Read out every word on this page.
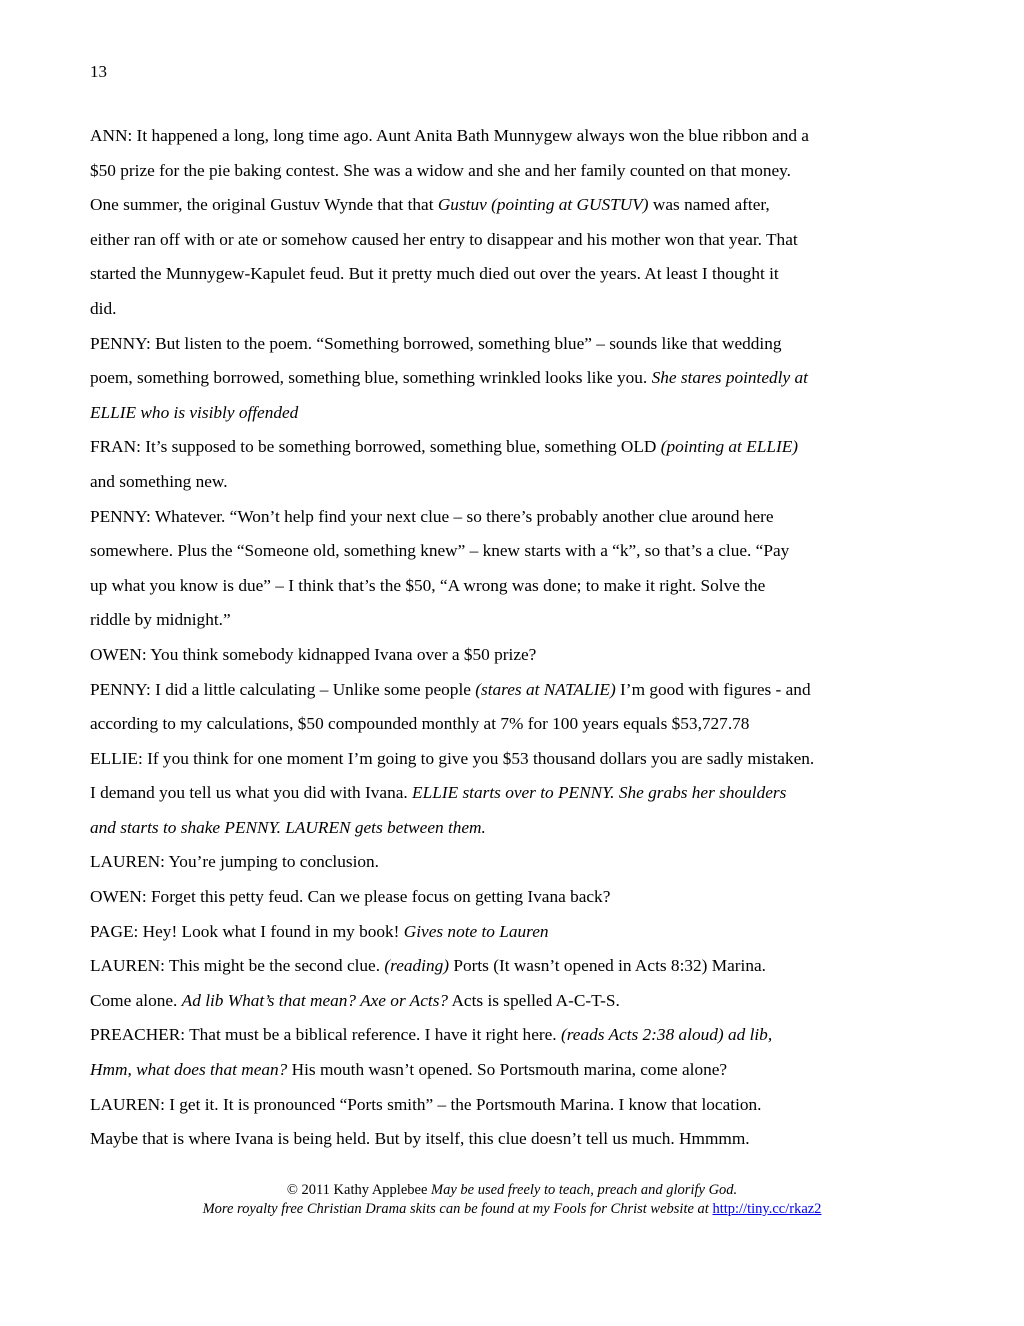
13
ANN: It happened a long, long time ago. Aunt Anita Bath Munnygew always won the blue ribbon and a
$50 prize for the pie baking contest. She was a widow and she and her family counted on that money.
One summer, the original Gustuv Wynde that that Gustuv (pointing at GUSTUV) was named after,
either ran off with or ate or somehow caused her entry to disappear and his mother won that year. That
started the Munnygew-Kapulet feud. But it pretty much died out over the years. At least I thought it
did.
PENNY: But listen to the poem. “Something borrowed, something blue” – sounds like that wedding
poem, something borrowed, something blue, something wrinkled looks like you. She stares pointedly at
ELLIE who is visibly offended
FRAN: It’s supposed to be something borrowed, something blue, something OLD (pointing at ELLIE)
and something new.
PENNY: Whatever. “Won’t help find your next clue – so there’s probably another clue around here
somewhere. Plus the “Someone old, something knew” – knew starts with a “k”, so that’s a clue. “Pay
up what you know is due” – I think that’s the $50, “A wrong was done; to make it right. Solve the
riddle by midnight.”
OWEN: You think somebody kidnapped Ivana over a $50 prize?
PENNY: I did a little calculating – Unlike some people (stares at NATALIE) I’m good with figures - and
according to my calculations, $50 compounded monthly at 7% for 100 years equals $53,727.78
ELLIE: If you think for one moment I’m going to give you $53 thousand dollars you are sadly mistaken.
I demand you tell us what you did with Ivana. ELLIE starts over to PENNY. She grabs her shoulders
and starts to shake PENNY. LAUREN gets between them.
LAUREN: You’re jumping to conclusion.
OWEN: Forget this petty feud. Can we please focus on getting Ivana back?
PAGE: Hey! Look what I found in my book! Gives note to Lauren
LAUREN: This might be the second clue. (reading) Ports (It wasn’t opened in Acts 8:32) Marina.
Come alone. Ad lib What’s that mean? Axe or Acts? Acts is spelled A-C-T-S.
PREACHER: That must be a biblical reference. I have it right here. (reads Acts 2:38 aloud) ad lib,
Hmm, what does that mean? His mouth wasn’t opened. So Portsmouth marina, come alone?
LAUREN: I get it. It is pronounced “Ports smith” – the Portsmouth Marina. I know that location.
Maybe that is where Ivana is being held. But by itself, this clue doesn’t tell us much. Hmmmm.
© 2011 Kathy Applebee May be used freely to teach, preach and glorify God.
More royalty free Christian Drama skits can be found at my Fools for Christ website at http://tiny.cc/rkaz2
